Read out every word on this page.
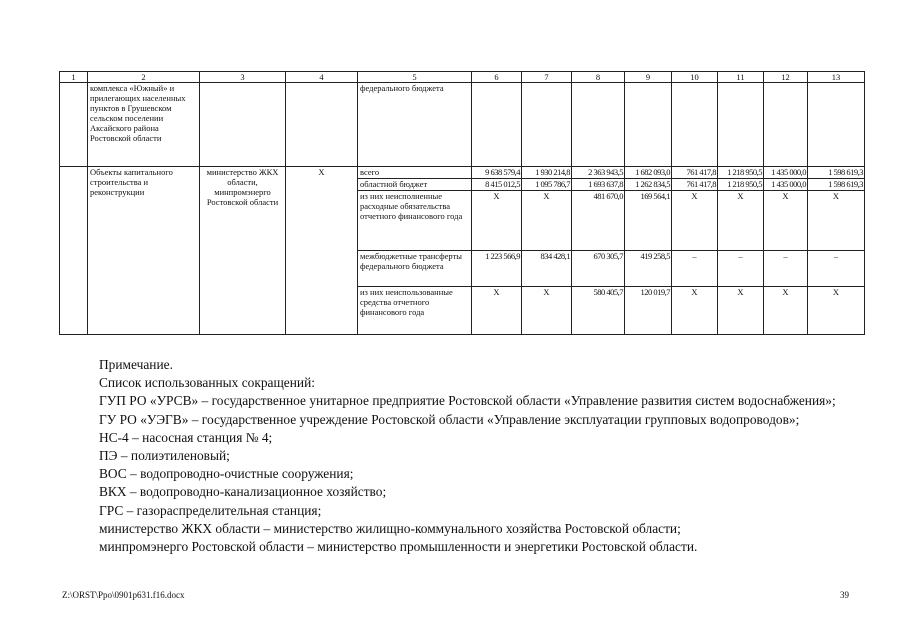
1	2	3	4	5	6	7	8	9	10	11	12	13
	комплекса «Южный» и прилегающих населенных пунктов в Грушевском сельском поселении Аксайского района Ростовской области			федерального бюджета								
	Объекты капитального строительства и реконструкции	министерство ЖКХ области, минпромэнерго Ростовской области	Х	всего	9 638 579,4	1 930 214,8	2 363 943,5	1 682 093,0	761 417,8	1 218 950,5	1 435 000,0	1 598 619,3
				областной бюджет	8 415 012,5	1 095 786,7	1 693 637,8	1 262 834,5	761 417,8	1 218 950,5	1 435 000,0	1 598 619,3
				из них неисполненные расходные обязательства отчетного финансового года	Х	Х	481 670,0	169 564,1	Х	Х	Х	Х
				межбюджетные трансферты федерального бюджета	1 223 566,9	834 428,1	670 305,7	419 258,5	–	–	–	–
				из них неиспользованные средства отчетного финансового года	Х	Х	580 405,7	120 019,7	Х	Х	Х	Х

Примечание.

Список использованных сокращений:

ГУП РО «УРСВ» – государственное унитарное предприятие Ростовской области «Управление развития систем водоснабжения»;

ГУ РО «УЭГВ» – государственное учреждение Ростовской области «Управление эксплуатации групповых водопроводов»;

НС-4 – насосная станция № 4;

ПЭ – полиэтиленовый;

ВОС – водопроводно-очистные сооружения;

ВКХ – водопроводно-канализационное хозяйство;

ГРС – газораспределительная станция;

министерство ЖКХ области – министерство жилищно-коммунального хозяйства Ростовской области;

минпромэнерго Ростовской области – министерство промышленности и энергетики Ростовской области.

Z:\ORST\Ppo\0901p631.f16.docx	39
